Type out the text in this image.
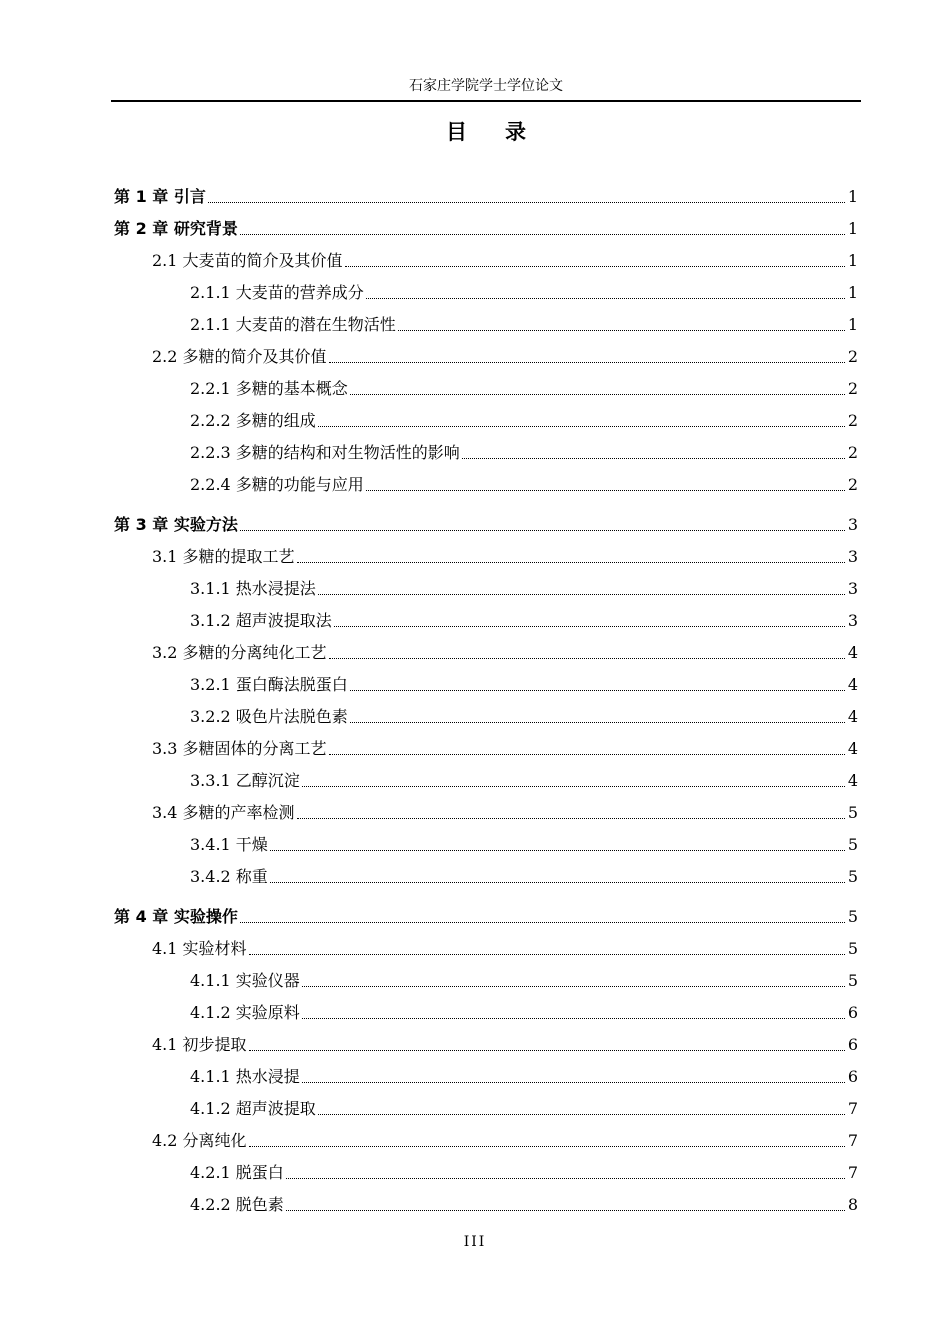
石家庄学院学士学位论文
目录
第 1 章 引言	1
第 2 章 研究背景	1
2.1 大麦苗的简介及其价值	1
2.1.1 大麦苗的营养成分	1
2.1.1 大麦苗的潜在生物活性	1
2.2 多糖的简介及其价值	2
2.2.1 多糖的基本概念	2
2.2.2 多糖的组成	2
2.2.3 多糖的结构和对生物活性的影响	2
2.2.4 多糖的功能与应用	2
第 3 章 实验方法	3
3.1 多糖的提取工艺	3
3.1.1 热水浸提法	3
3.1.2 超声波提取法	3
3.2 多糖的分离纯化工艺	4
3.2.1 蛋白酶法脱蛋白	4
3.2.2 吸色片法脱色素	4
3.3 多糖固体的分离工艺	4
3.3.1 乙醇沉淀	4
3.4 多糖的产率检测	5
3.4.1 干燥	5
3.4.2 称重	5
第 4 章 实验操作	5
4.1 实验材料	5
4.1.1 实验仪器	5
4.1.2 实验原料	6
4.1 初步提取	6
4.1.1 热水浸提	6
4.1.2 超声波提取	7
4.2 分离纯化	7
4.2.1 脱蛋白	7
4.2.2 脱色素	8
III
